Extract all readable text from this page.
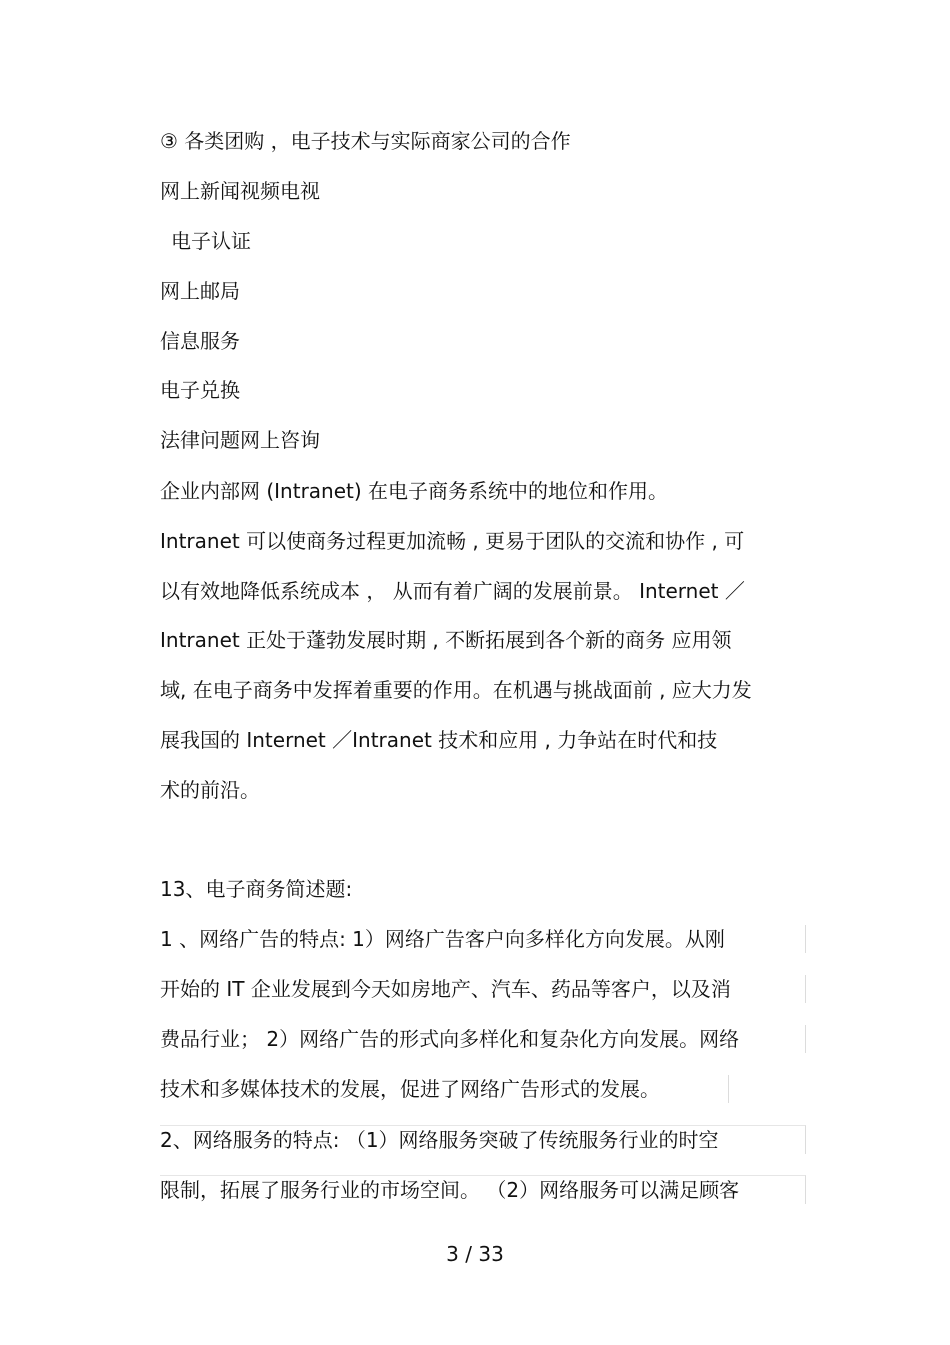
③ 各类团购 ，电子技术与实际商家公司的合作

网上新闻视频电视

电子认证

网上邮局

信息服务

电子兑换

法律问题网上咨询

企业内部网 (Intranet) 在电子商务系统中的地位和作用。

Intranet 可以使商务过程更加流畅 , 更易于团队的交流和协作 , 可

以有效地降低系统成本 ， 从而有着广阔的发展前景。 Internet ／

Intranet 正处于蓬勃发展时期 , 不断拓展到各个新的商务 应用领

域, 在电子商务中发挥着重要的作用。在机遇与挑战面前 , 应大力发

展我国的 Internet ／Intranet 技术和应用 , 力争站在时代和技

术的前沿。

13、电子商务简述题:

1 、网络广告的特点: 1）网络广告客户向多样化方向发展。从刚

开始的 IT 企业发展到今天如房地产、汽车、药品等客户，以及消

费品行业； 2）网络广告的形式向多样化和复杂化方向发展。网络

技术和多媒体技术的发展，促进了网络广告形式的发展。

2、网络服务的特点: （1）网络服务突破了传统服务行业的时空

限制，拓展了服务行业的市场空间。 （2）网络服务可以满足顾客

3 / 33
